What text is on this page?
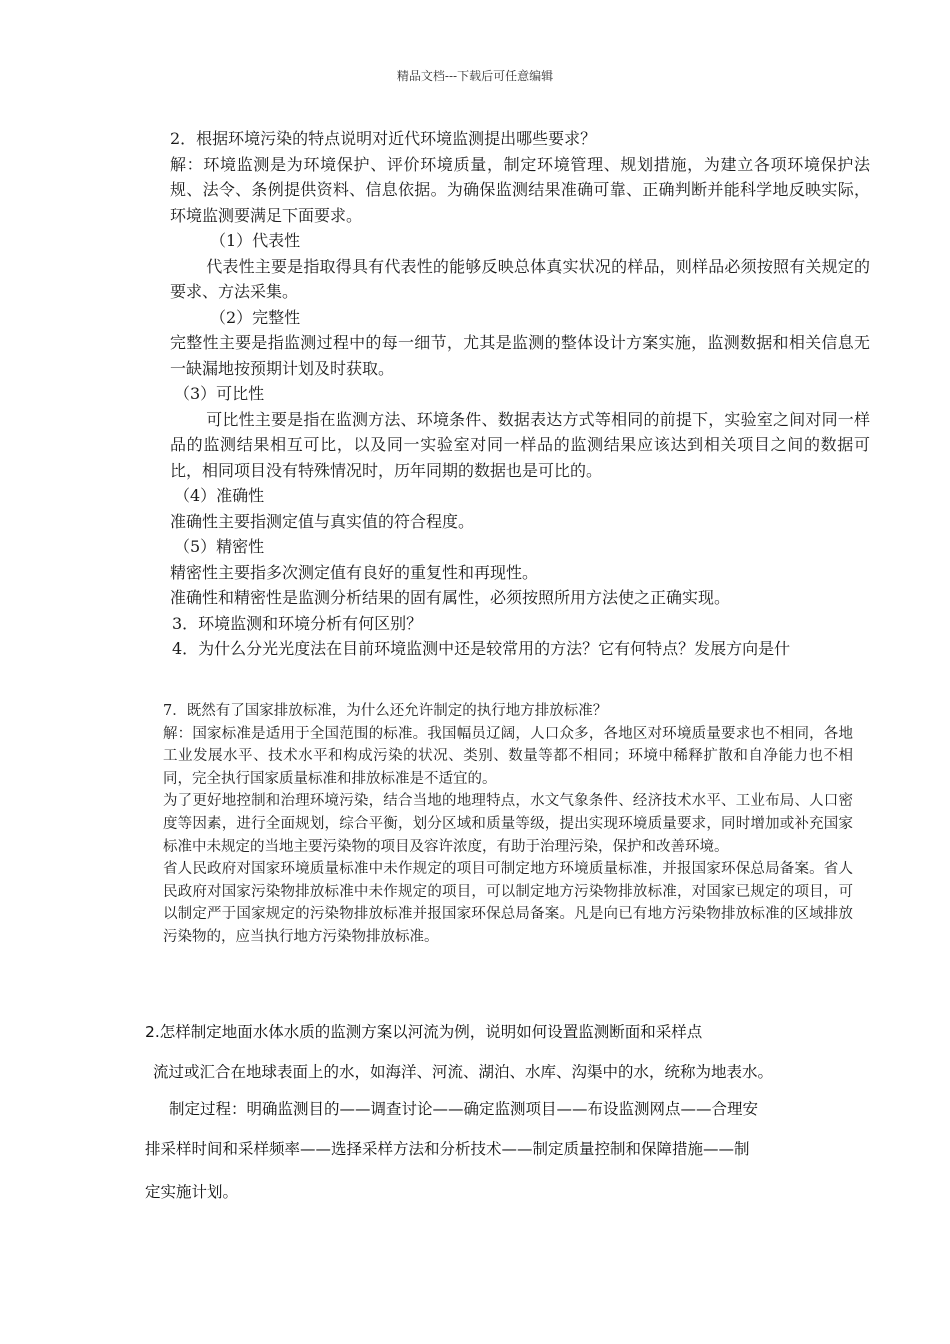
精品文档---下载后可任意编辑

2．根据环境污染的特点说明对近代环境监测提出哪些要求？

解：环境监测是为环境保护、评价环境质量，制定环境管理、规划措施，为建立各项环境保护法规、法令、条例提供资料、信息依据。为确保监测结果准确可靠、正确判断并能科学地反映实际，环境监测要满足下面要求。

（1）代表性

代表性主要是指取得具有代表性的能够反映总体真实状况的样品，则样品必须按照有关规定的要求、方法采集。

（2）完整性

完整性主要是指监测过程中的每一细节，尤其是监测的整体设计方案实施，监测数据和相关信息无一缺漏地按预期计划及时获取。

（3）可比性

可比性主要是指在监测方法、环境条件、数据表达方式等相同的前提下，实验室之间对同一样品的监测结果相互可比，以及同一实验室对同一样品的监测结果应该达到相关项目之间的数据可比，相同项目没有特殊情况时，历年同期的数据也是可比的。

（4）准确性

准确性主要指测定值与真实值的符合程度。

（5）精密性

精密性主要指多次测定值有良好的重复性和再现性。

准确性和精密性是监测分析结果的固有属性，必须按照所用方法使之正确实现。

3．环境监测和环境分析有何区别？

4．为什么分光光度法在目前环境监测中还是较常用的方法？它有何特点？发展方向是什

7．既然有了国家排放标准，为什么还允许制定的执行地方排放标准？

解：国家标准是适用于全国范围的标准。我国幅员辽阔，人口众多，各地区对环境质量要求也不相同，各地工业发展水平、技术水平和构成污染的状况、类别、数量等都不相同；环境中稀释扩散和自净能力也不相同，完全执行国家质量标准和排放标准是不适宜的。

为了更好地控制和治理环境污染，结合当地的地理特点，水文气象条件、经济技术水平、工业布局、人口密度等因素，进行全面规划，综合平衡，划分区域和质量等级，提出实现环境质量要求，同时增加或补充国家标准中未规定的当地主要污染物的项目及容许浓度，有助于治理污染，保护和改善环境。

省人民政府对国家环境质量标准中未作规定的项目可制定地方环境质量标准，并报国家环保总局备案。省人民政府对国家污染物排放标准中未作规定的项目，可以制定地方污染物排放标准，对国家已规定的项目，可以制定严于国家规定的污染物排放标准并报国家环保总局备案。凡是向已有地方污染物排放标准的区域排放污染物的，应当执行地方污染物排放标准。

2.怎样制定地面水体水质的监测方案以河流为例，说明如何设置监测断面和采样点

流过或汇合在地球表面上的水，如海洋、河流、湖泊、水库、沟渠中的水，统称为地表水。

制定过程：明确监测目的——调查讨论——确定监测项目——布设监测网点——合理安

排采样时间和采样频率——选择采样方法和分析技术——制定质量控制和保障措施——制

定实施计划。
